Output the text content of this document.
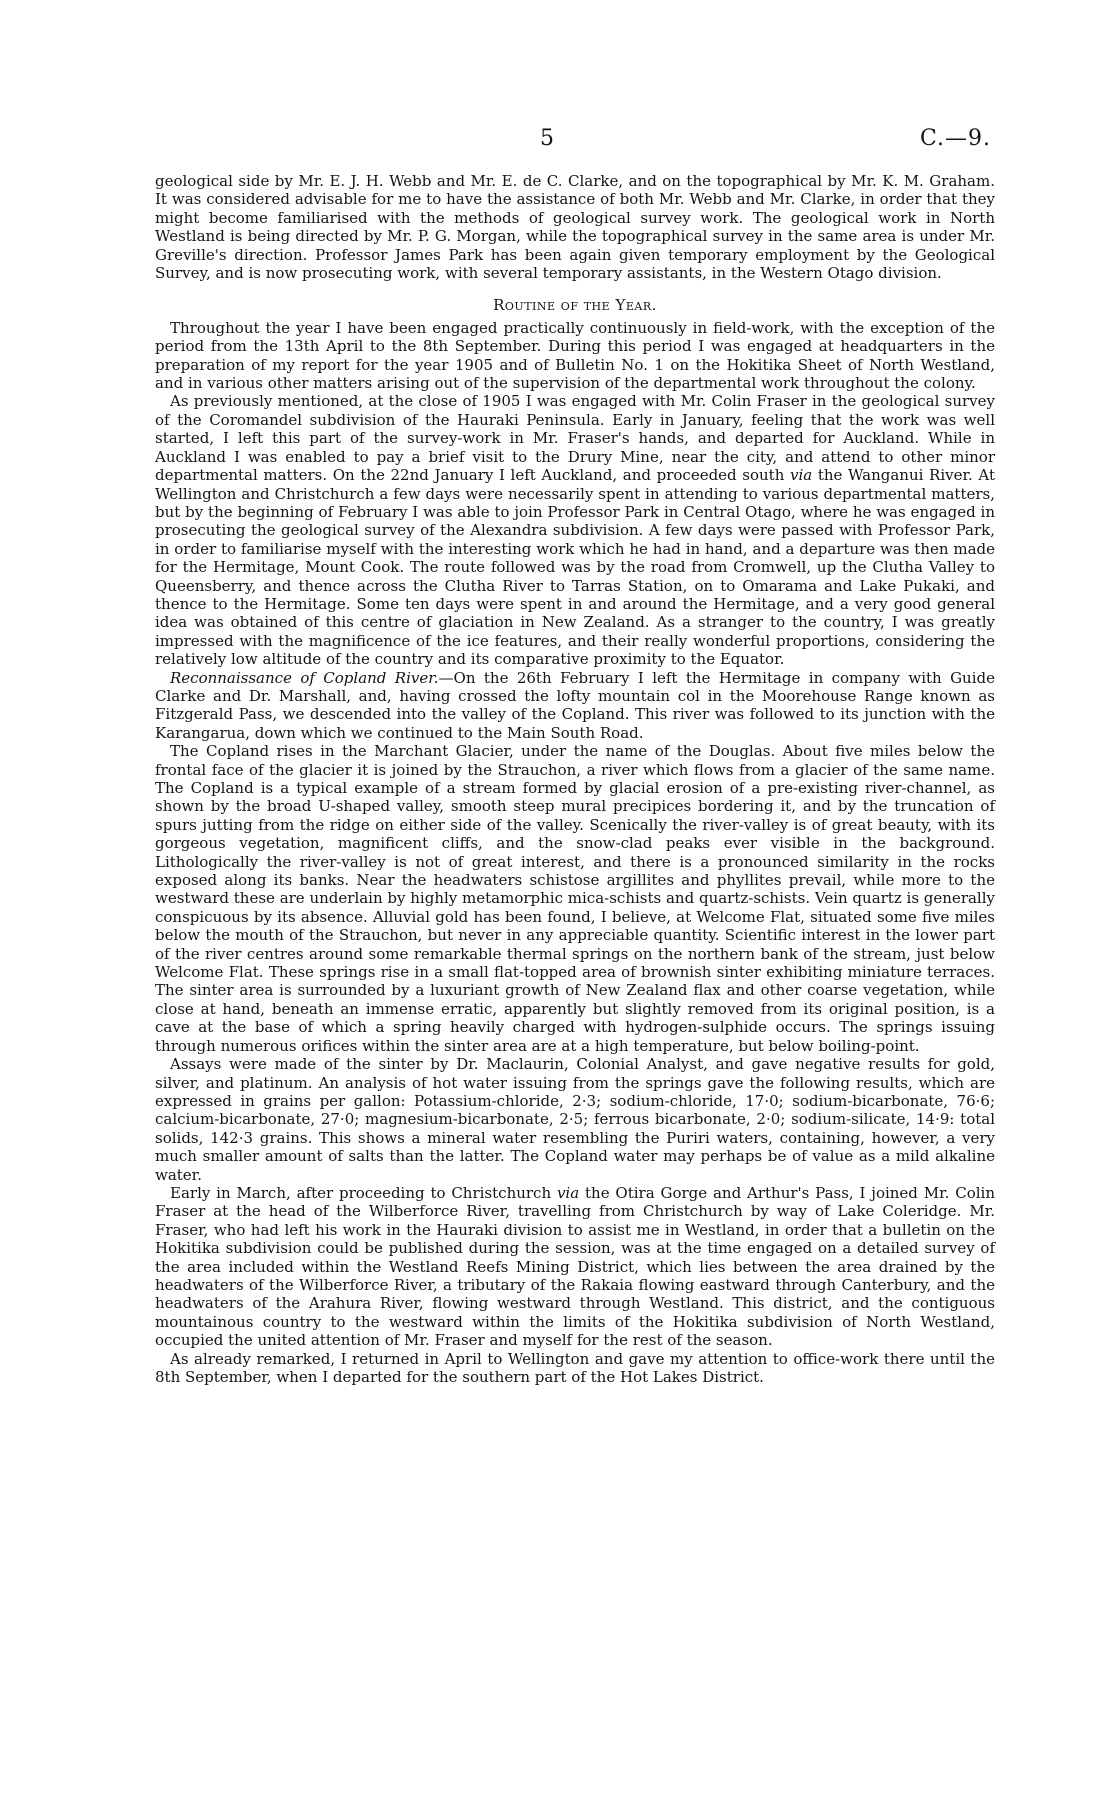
5	C.—9.

geological side by Mr. E. J. H. Webb and Mr. E. de C. Clarke, and on the topographical by Mr. K. M. Graham. It was considered advisable for me to have the assistance of both Mr. Webb and Mr. Clarke, in order that they might become familiarised with the methods of geological survey work. The geological work in North Westland is being directed by Mr. P. G. Morgan, while the topographical survey in the same area is under Mr. Greville's direction. Professor James Park has been again given temporary employment by the Geological Survey, and is now prosecuting work, with several temporary assistants, in the Western Otago division.

Routine of the Year.

Throughout the year I have been engaged practically continuously in field-work, with the exception of the period from the 13th April to the 8th September. During this period I was engaged at headquarters in the preparation of my report for the year 1905 and of Bulletin No. 1 on the Hokitika Sheet of North Westland, and in various other matters arising out of the supervision of the departmental work throughout the colony.

As previously mentioned, at the close of 1905 I was engaged with Mr. Colin Fraser in the geological survey of the Coromandel subdivision of the Hauraki Peninsula. Early in January, feeling that the work was well started, I left this part of the survey-work in Mr. Fraser's hands, and departed for Auckland. While in Auckland I was enabled to pay a brief visit to the Drury Mine, near the city, and attend to other minor departmental matters. On the 22nd January I left Auckland, and proceeded south via the Wanganui River. At Wellington and Christchurch a few days were necessarily spent in attending to various departmental matters, but by the beginning of February I was able to join Professor Park in Central Otago, where he was engaged in prosecuting the geological survey of the Alexandra subdivision. A few days were passed with Professor Park, in order to familiarise myself with the interesting work which he had in hand, and a departure was then made for the Hermitage, Mount Cook. The route followed was by the road from Cromwell, up the Clutha Valley to Queensberry, and thence across the Clutha River to Tarras Station, on to Omarama and Lake Pukaki, and thence to the Hermitage. Some ten days were spent in and around the Hermitage, and a very good general idea was obtained of this centre of glaciation in New Zealand. As a stranger to the country, I was greatly impressed with the magnificence of the ice features, and their really wonderful proportions, considering the relatively low altitude of the country and its comparative proximity to the Equator.

Reconnaissance of Copland River.—On the 26th February I left the Hermitage in company with Guide Clarke and Dr. Marshall, and, having crossed the lofty mountain col in the Moorehouse Range known as Fitzgerald Pass, we descended into the valley of the Copland. This river was followed to its junction with the Karangarua, down which we continued to the Main South Road.

The Copland rises in the Marchant Glacier, under the name of the Douglas. About five miles below the frontal face of the glacier it is joined by the Strauchon, a river which flows from a glacier of the same name. The Copland is a typical example of a stream formed by glacial erosion of a pre-existing river-channel, as shown by the broad U-shaped valley, smooth steep mural precipices bordering it, and by the truncation of spurs jutting from the ridge on either side of the valley. Scenically the river-valley is of great beauty, with its gorgeous vegetation, magnificent cliffs, and the snow-clad peaks ever visible in the background. Lithologically the river-valley is not of great interest, and there is a pronounced similarity in the rocks exposed along its banks. Near the headwaters schistose argillites and phyllites prevail, while more to the westward these are underlain by highly metamorphic mica-schists and quartz-schists. Vein quartz is generally conspicuous by its absence. Alluvial gold has been found, I believe, at Welcome Flat, situated some five miles below the mouth of the Strauchon, but never in any appreciable quantity. Scientific interest in the lower part of the river centres around some remarkable thermal springs on the northern bank of the stream, just below Welcome Flat. These springs rise in a small flat-topped area of brownish sinter exhibiting miniature terraces. The sinter area is surrounded by a luxuriant growth of New Zealand flax and other coarse vegetation, while close at hand, beneath an immense erratic, apparently but slightly removed from its original position, is a cave at the base of which a spring heavily charged with hydrogen-sulphide occurs. The springs issuing through numerous orifices within the sinter area are at a high temperature, but below boiling-point.

Assays were made of the sinter by Dr. Maclaurin, Colonial Analyst, and gave negative results for gold, silver, and platinum. An analysis of hot water issuing from the springs gave the following results, which are expressed in grains per gallon: Potassium-chloride, 2·3; sodium-chloride, 17·0; sodium-bicarbonate, 76·6; calcium-bicarbonate, 27·0; magnesium-bicarbonate, 2·5; ferrous bicarbonate, 2·0; sodium-silicate, 14·9: total solids, 142·3 grains. This shows a mineral water resembling the Puriri waters, containing, however, a very much smaller amount of salts than the latter. The Copland water may perhaps be of value as a mild alkaline water.

Early in March, after proceeding to Christchurch via the Otira Gorge and Arthur's Pass, I joined Mr. Colin Fraser at the head of the Wilberforce River, travelling from Christchurch by way of Lake Coleridge. Mr. Fraser, who had left his work in the Hauraki division to assist me in Westland, in order that a bulletin on the Hokitika subdivision could be published during the session, was at the time engaged on a detailed survey of the area included within the Westland Reefs Mining District, which lies between the area drained by the headwaters of the Wilberforce River, a tributary of the Rakaia flowing eastward through Canterbury, and the headwaters of the Arahura River, flowing westward through Westland. This district, and the contiguous mountainous country to the westward within the limits of the Hokitika subdivision of North Westland, occupied the united attention of Mr. Fraser and myself for the rest of the season.

As already remarked, I returned in April to Wellington and gave my attention to office-work there until the 8th September, when I departed for the southern part of the Hot Lakes District.
